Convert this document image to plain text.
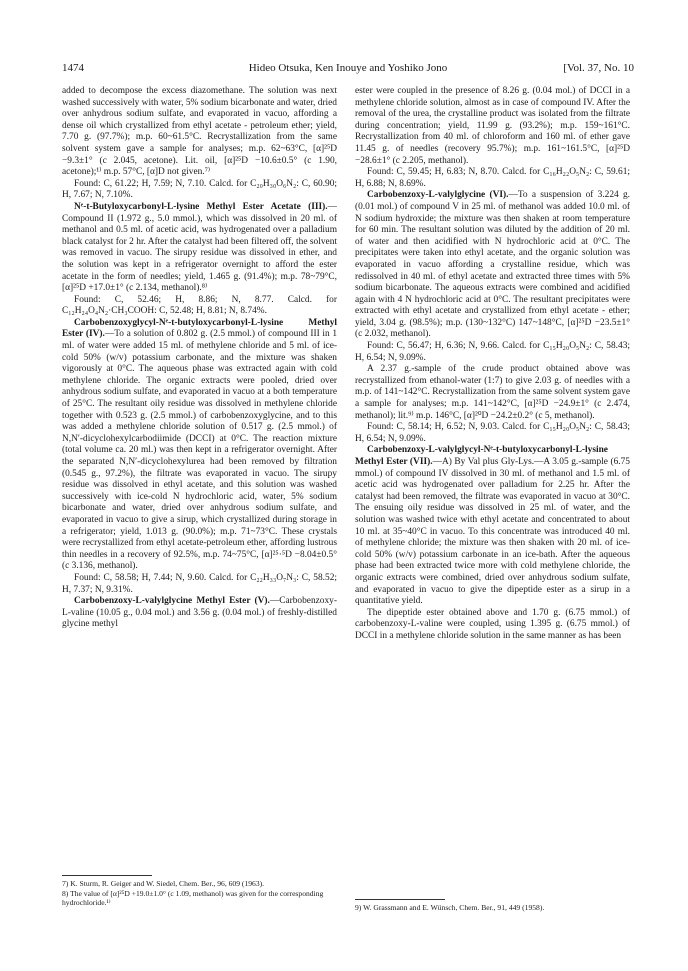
1474	Hideo Otsuka, Ken Inouye and Yoshiko Jono	[Vol. 37, No. 10

added to decompose the excess diazomethane. The solution was next washed successively with water, 5% sodium bicarbonate and water, dried over anhydrous sodium sulfate, and evaporated in vacuo, affording a dense oil which crystallized from ethyl acetate - petroleum ether; yield, 7.70 g. (97.7%); m.p. 60~61.5°C. Recrystallization from the same solvent system gave a sample for analyses; m.p. 62~63°C, [α]²⁵D −9.3±1° (c 2.045, acetone). Lit. oil, [α]²⁵D −10.6±0.5° (c 1.90, acetone);¹⁾ m.p. 57°C, [α]D not given.⁷⁾

Found: C, 61.22; H, 7.59; N, 7.10. Calcd. for C₂₀H₃₀O₆N₂: C, 60.90; H, 7.67; N, 7.10%.

Nᵉ-t-Butyloxycarbonyl-L-lysine Methyl Ester Acetate (III).—Compound II (1.972 g., 5.0 mmol.), which was dissolved in 20 ml. of methanol and 0.5 ml. of acetic acid, was hydrogenated over a palladium black catalyst for 2 hr. After the catalyst had been filtered off, the solvent was removed in vacuo. The sirupy residue was dissolved in ether, and the solution was kept in a refrigerator overnight to afford the ester acetate in the form of needles; yield, 1.465 g. (91.4%); m.p. 78~79°C, [α]²⁵D +17.0±1° (c 2.134, methanol).⁸⁾

Found: C, 52.46; H, 8.86; N, 8.77. Calcd. for C₁₂H₂₄O₄N₂·CH₃COOH: C, 52.48; H, 8.81; N, 8.74%.

Carbobenzoxyglycyl-Nᵉ-t-butyloxycarbonyl-L-lysine Methyl Ester (IV).—To a solution of 0.802 g. (2.5 mmol.) of compound III in 1 ml. of water were added 15 ml. of methylene chloride and 5 ml. of ice-cold 50% (w/v) potassium carbonate, and the mixture was shaken vigorously at 0°C. The aqueous phase was extracted again with cold methylene chloride. The organic extracts were pooled, dried over anhydrous sodium sulfate, and evaporated in vacuo at a both temperature of 25°C. The resultant oily residue was dissolved in methylene chloride together with 0.523 g. (2.5 mmol.) of carbobenzoxyglycine, and to this was added a methylene chloride solution of 0.517 g. (2.5 mmol.) of N,N′-dicyclohexylcarbodiimide (DCCI) at 0°C. The reaction mixture (total volume ca. 20 ml.) was then kept in a refrigerator overnight. After the separated N,N′-dicyclohexylurea had been removed by filtration (0.545 g., 97.2%), the filtrate was evaporated in vacuo. The sirupy residue was dissolved in ethyl acetate, and this solution was washed successively with ice-cold N hydrochloric acid, water, 5% sodium bicarbonate and water, dried over anhydrous sodium sulfate, and evaporated in vacuo to give a sirup, which crystallized during storage in a refrigerator; yield, 1.013 g. (90.0%); m.p. 71~73°C. These crystals were recrystallized from ethyl acetate-petroleum ether, affording lustrous thin needles in a recovery of 92.5%, m.p. 74~75°C, [α]²⁵·⁵D −8.04±0.5° (c 3.136, methanol).

Found: C, 58.58; H, 7.44; N, 9.60. Calcd. for C₂₂H₃₃O₇N₃: C, 58.52; H, 7.37; N, 9.31%.

Carbobenzoxy-L-valylglycine Methyl Ester (V).—Carbobenzoxy-L-valine (10.05 g., 0.04 mol.) and 3.56 g. (0.04 mol.) of freshly-distilled glycine methyl

ester were coupled in the presence of 8.26 g. (0.04 mol.) of DCCI in a methylene chloride solution, almost as in case of compound IV. After the removal of the urea, the crystalline product was isolated from the filtrate during concentration; yield, 11.99 g. (93.2%); m.p. 159~161°C. Recrystallization from 40 ml. of chloroform and 160 ml. of ether gave 11.45 g. of needles (recovery 95.7%); m.p. 161~161.5°C, [α]²⁵D −28.6±1° (c 2.205, methanol).

Found: C, 59.45; H, 6.83; N, 8.70. Calcd. for C₁₆H₂₂O₅N₂: C, 59.61; H, 6.88; N, 8.69%.

Carbobenzoxy-L-valylglycine (VI).—To a suspension of 3.224 g. (0.01 mol.) of compound V in 25 ml. of methanol was added 10.0 ml. of N sodium hydroxide; the mixture was then shaken at room temperature for 60 min. The resultant solution was diluted by the addition of 20 ml. of water and then acidified with N hydrochloric acid at 0°C. The precipitates were taken into ethyl acetate, and the organic solution was evaporated in vacuo affording a crystalline residue, which was redissolved in 40 ml. of ethyl acetate and extracted three times with 5% sodium bicarbonate. The aqueous extracts were combined and acidified again with 4 N hydrochloric acid at 0°C. The resultant precipitates were extracted with ethyl acetate and crystallized from ethyl acetate - ether; yield, 3.04 g. (98.5%); m.p. (130~132°C) 147~148°C, [α]²⁵D −23.5±1° (c 2.032, methanol).

Found: C, 56.47; H, 6.36; N, 9.66. Calcd. for C₁₅H₂₀O₅N₂: C, 58.43; H, 6.54; N, 9.09%.

A 2.37 g.-sample of the crude product obtained above was recrystallized from ethanol-water (1:7) to give 2.03 g. of needles with a m.p. of 141~142°C. Recrystallization from the same solvent system gave a sample for analyses; m.p. 141~142°C, [α]²⁵D −24.9±1° (c 2.474, methanol); lit.⁹⁾ m.p. 146°C, [α]²⁰D −24.2±0.2° (c 5, methanol).

Found: C, 58.14; H, 6.52; N, 9.03. Calcd. for C₁₅H₂₀O₅N₂: C, 58.43; H, 6.54; N, 9.09%.

Carbobenzoxy-L-valylglycyl-Nᵉ-t-butyloxycarbonyl-L-lysine Methyl Ester (VII).—A) By Val plus Gly-Lys.—A 3.05 g.-sample (6.75 mmol.) of compound IV dissolved in 30 ml. of methanol and 1.5 ml. of acetic acid was hydrogenated over palladium for 2.25 hr. After the catalyst had been removed, the filtrate was evaporated in vacuo at 30°C. The ensuing oily residue was dissolved in 25 ml. of water, and the solution was washed twice with ethyl acetate and concentrated to about 10 ml. at 35~40°C in vacuo. To this concentrate was introduced 40 ml. of methylene chloride; the mixture was then shaken with 20 ml. of ice-cold 50% (w/v) potassium carbonate in an ice-bath. After the aqueous phase had been extracted twice more with cold methylene chloride, the organic extracts were combined, dried over anhydrous sodium sulfate, and evaporated in vacuo to give the dipeptide ester as a sirup in a quantitative yield.

The dipeptide ester obtained above and 1.70 g. (6.75 mmol.) of carbobenzoxy-L-valine were coupled, using 1.395 g. (6.75 mmol.) of DCCI in a methylene chloride solution in the same manner as has been

7) K. Sturm, R. Geiger and W. Siedel, Chem. Ber., 96, 609 (1963).
8) The value of [α]²⁵D +19.0±1.0° (c 1.09, methanol) was given for the corresponding hydrochloride.¹⁾
9) W. Grassmann and E. Wünsch, Chem. Ber., 91, 449 (1958).
